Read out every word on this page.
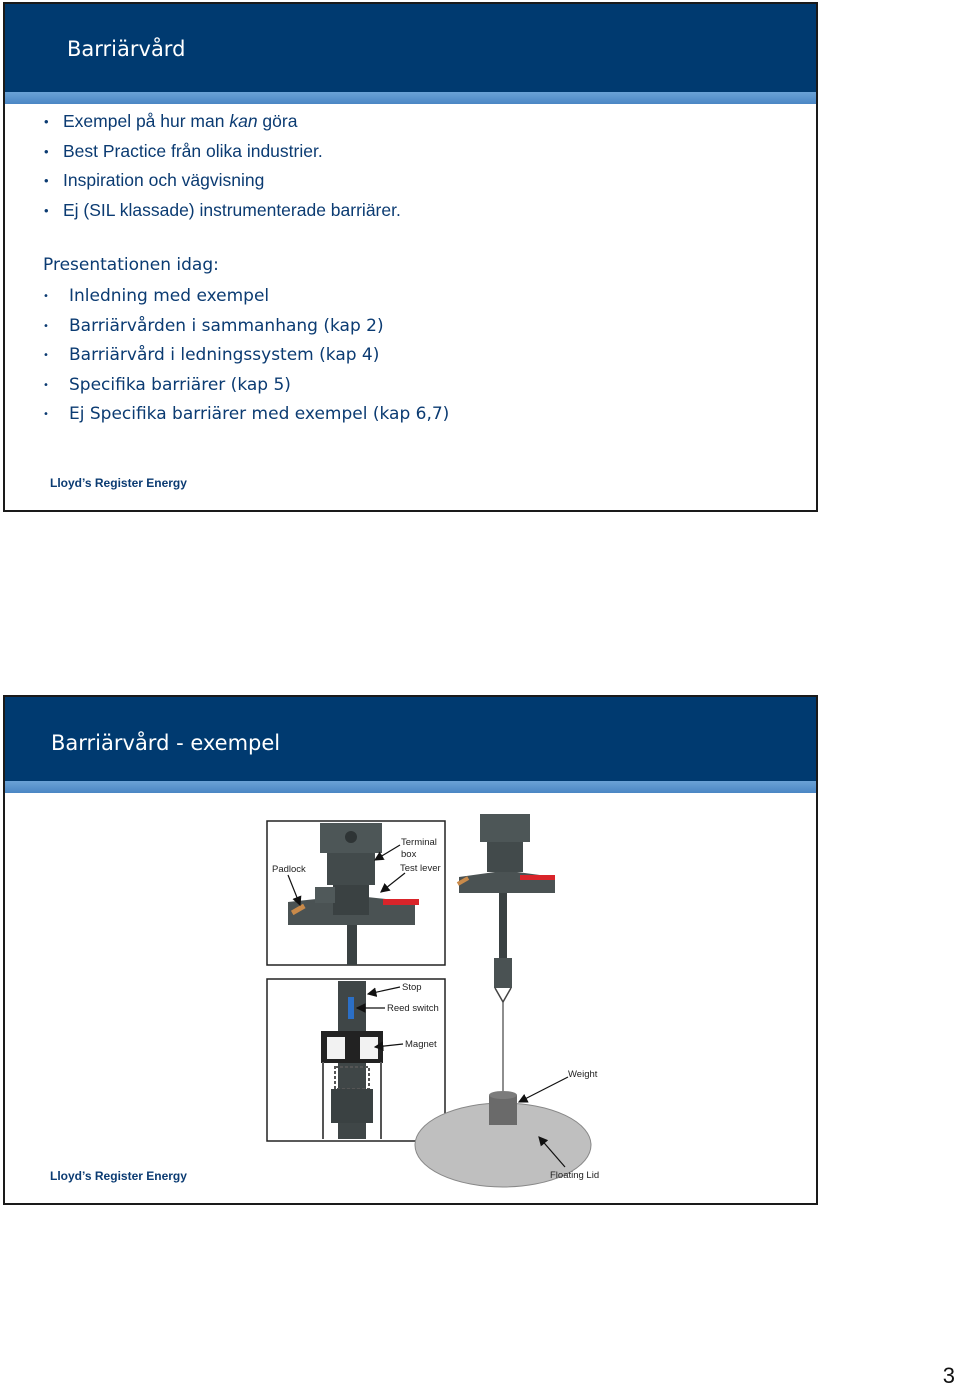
Barriärvård
• Exempel på hur man kan göra
• Best Practice från olika industrier.
• Inspiration och vägvisning
• Ej (SIL klassade) instrumenterade barriärer.
Presentationen idag:
• Inledning med exempel
• Barriärvården i sammanhang (kap 2)
• Barriärvård i ledningssystem (kap 4)
• Specifika barriärer (kap 5)
• Ej Specifika barriärer med exempel (kap 6,7)
Lloyd’s Register Energy
Barriärvård - exempel
Terminal
box
Test lever
Padlock
Stop
Reed switch
Magnet
Weight
Floating Lid
Lloyd’s Register Energy
3
